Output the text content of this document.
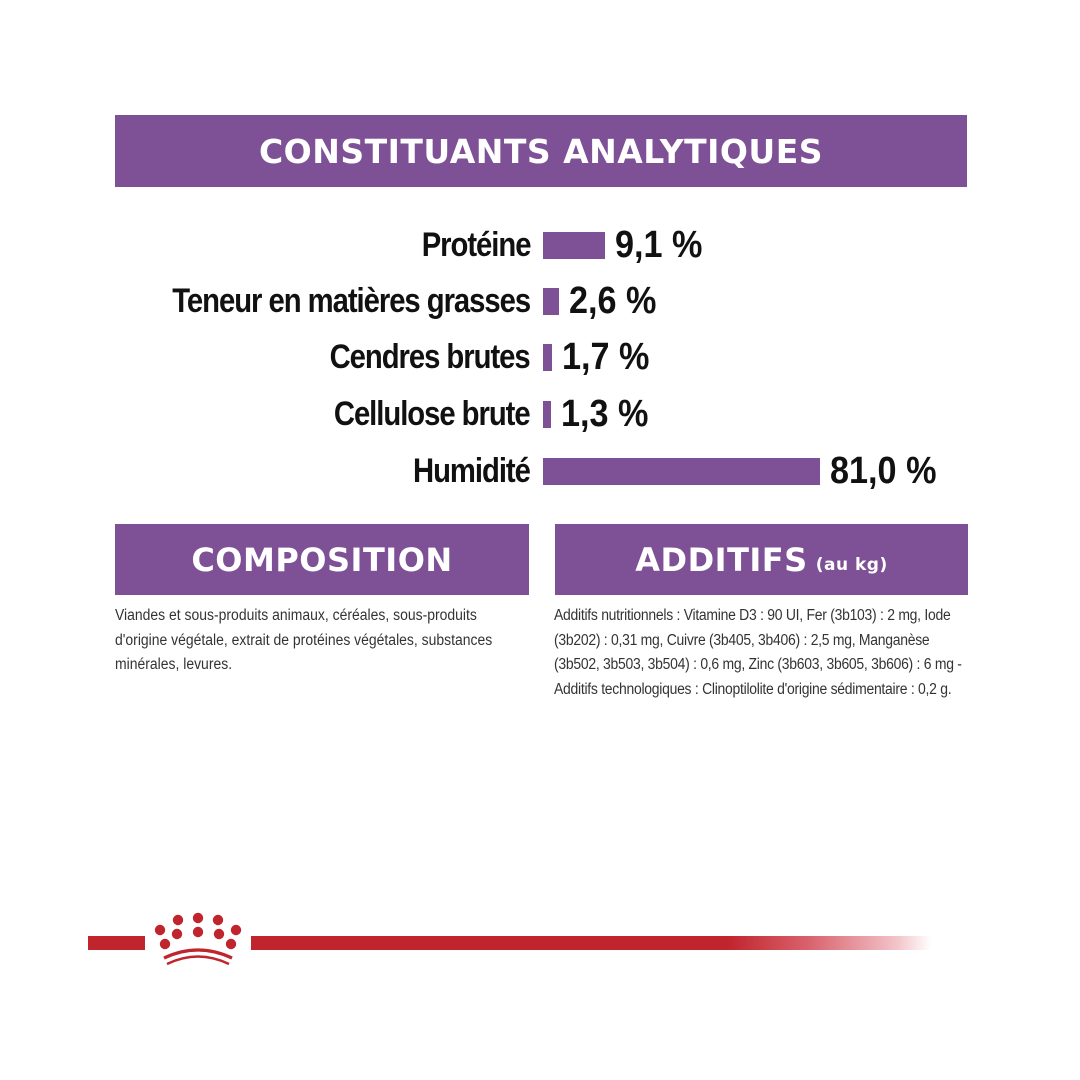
CONSTITUANTS ANALYTIQUES
Protéine 9,1 %
Teneur en matières grasses 2,6 %
Cendres brutes 1,7 %
Cellulose brute 1,3 %
Humidité	81,0 %
COMPOSITION
Viandes et sous-produits animaux, céréales, sous-produits d'origine végétale, extrait de protéines végétales, substances minérales, levures.
ADDITIFS (au kg)
Additifs nutritionnels : Vitamine D3 : 90 UI, Fer (3b103) : 2 mg, Iode (3b202) : 0,31 mg, Cuivre (3b405, 3b406) : 2,5 mg, Manganèse (3b502, 3b503, 3b504) : 0,6 mg, Zinc (3b603, 3b605, 3b606) : 6 mg - Additifs technologiques : Clinoptilolite d'origine sédimentaire : 0,2 g.
